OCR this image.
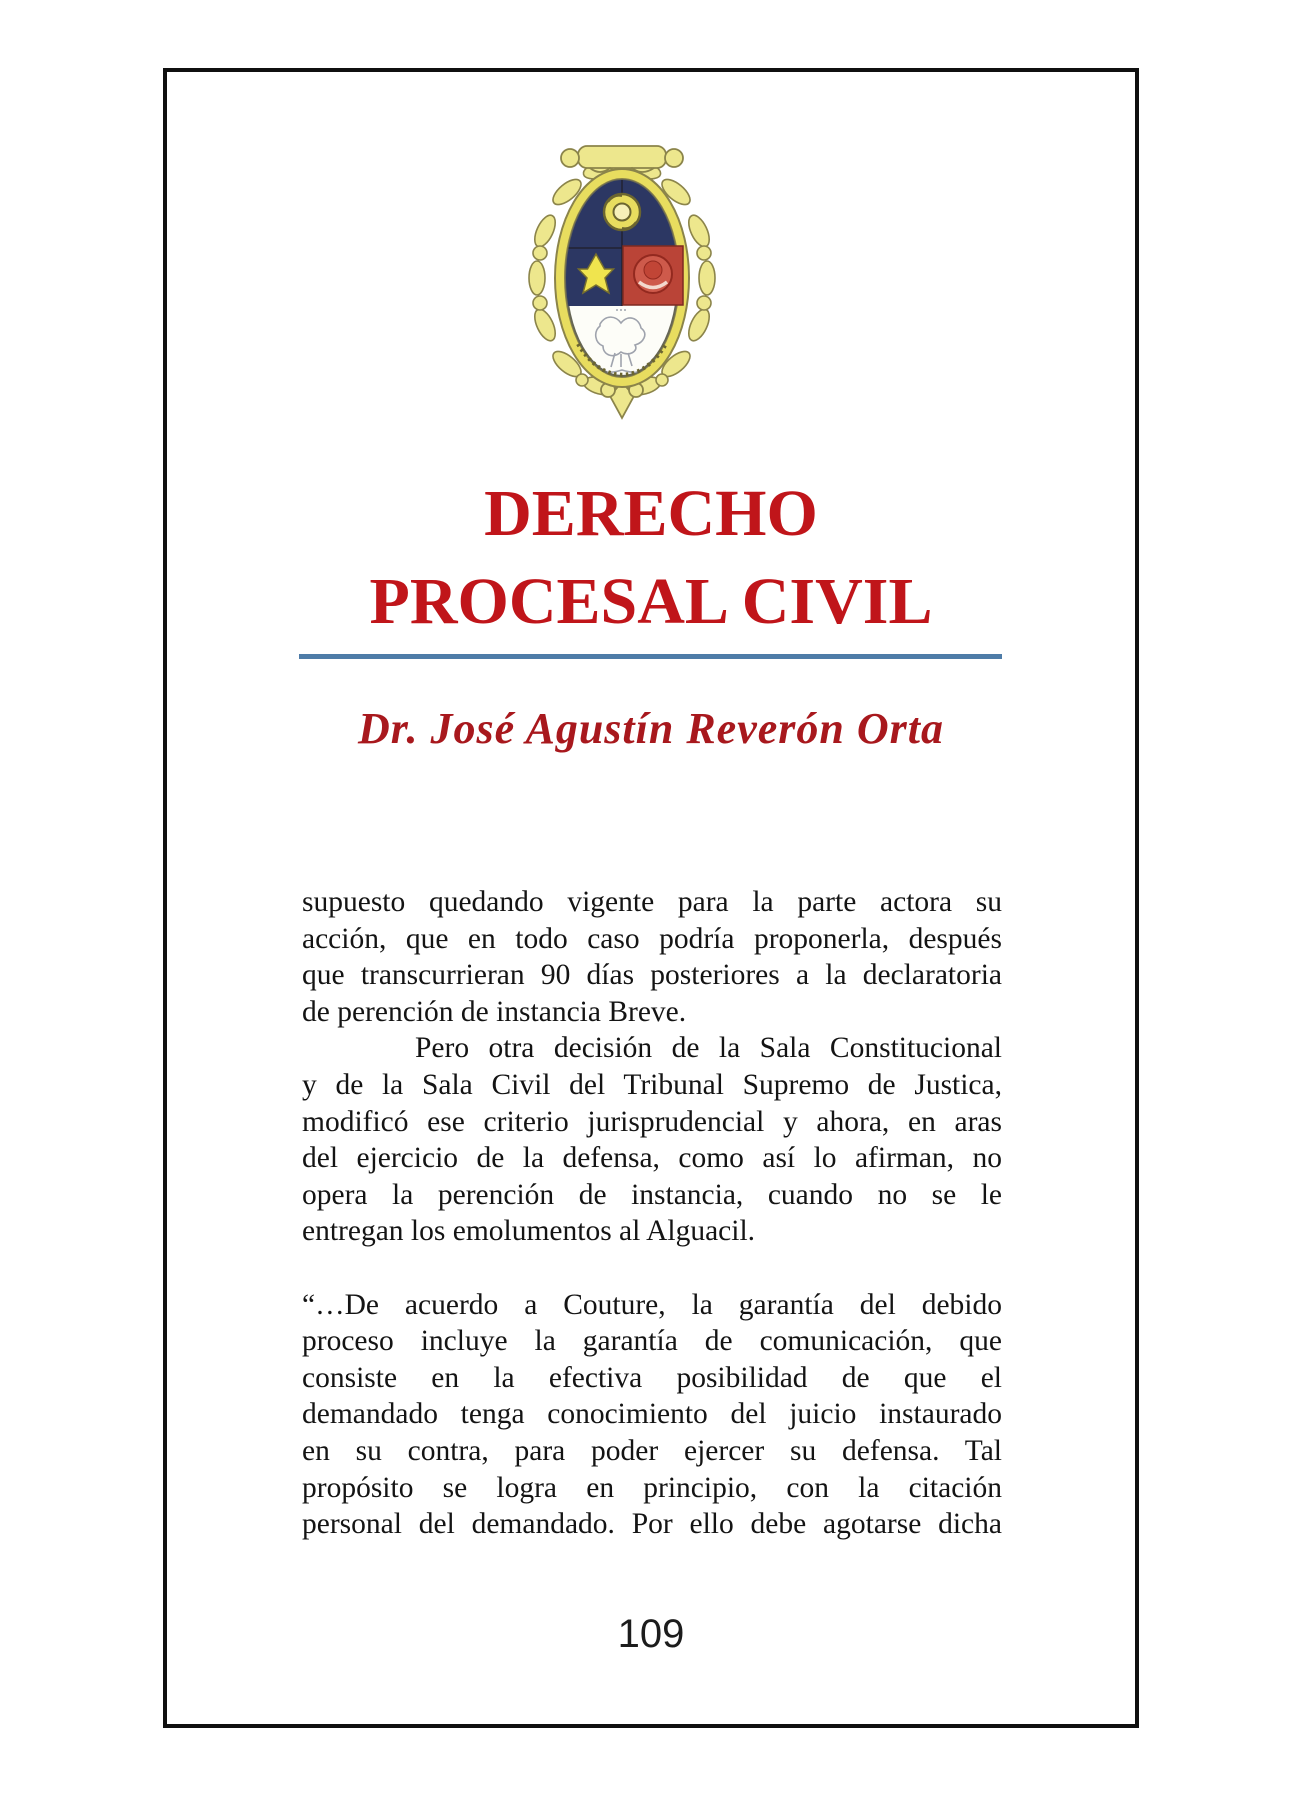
DERECHO
PROCESAL CIVIL
Dr. José Agustín Reverón Orta
supuesto quedando vigente para la parte actora su
acción, que en todo caso podría proponerla, después
que transcurrieran 90 días posteriores a la declaratoria
de perención de instancia Breve.
Pero otra decisión de la Sala Constitucional
y de la Sala Civil del Tribunal Supremo de Justica,
modificó ese criterio jurisprudencial y ahora, en aras
del ejercicio de la defensa, como así lo afirman, no
opera la perención de instancia, cuando no se le
entregan los emolumentos al Alguacil.
“…De acuerdo a Couture, la garantía del debido
proceso incluye la garantía de comunicación, que
consiste en la efectiva posibilidad de que el
demandado tenga conocimiento del juicio instaurado
en su contra, para poder ejercer su defensa. Tal
propósito se logra en principio, con la citación
personal del demandado. Por ello debe agotarse dicha
109
